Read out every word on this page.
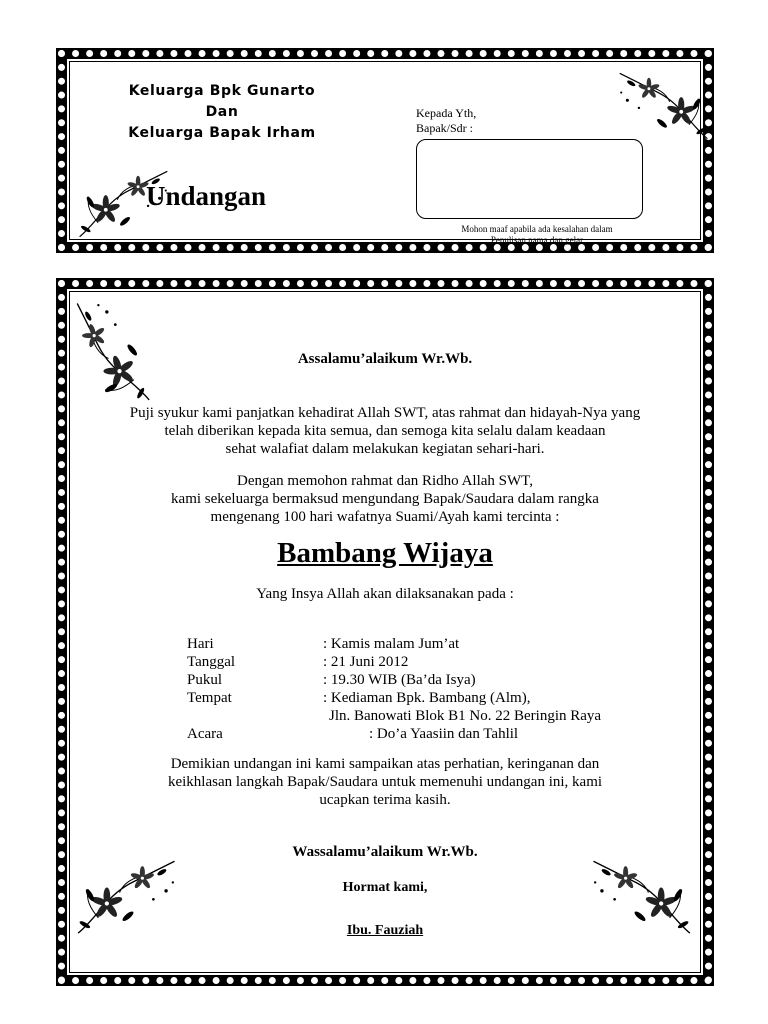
Keluarga Bpk Gunarto
Dan
Keluarga Bapak Irham
Undangan
Kepada Yth,
Bapak/Sdr :
Mohon maaf apabila ada kesalahan dalam
Penulisan nama dan gelar
Assalamu’alaikum Wr.Wb.
Puji syukur kami panjatkan kehadirat Allah SWT, atas rahmat dan hidayah-Nya yang
telah diberikan kepada kita semua, dan semoga kita selalu dalam keadaan
sehat walafiat dalam melakukan kegiatan sehari-hari.
Dengan memohon rahmat dan Ridho Allah SWT,
kami sekeluarga bermaksud mengundang Bapak/Saudara dalam rangka
mengenang 100 hari wafatnya Suami/Ayah kami tercinta :
Bambang Wijaya
Yang Insya Allah akan dilaksanakan pada :
Hari	: Kamis malam Jum’at
Tanggal	: 21 Juni 2012
Pukul	: 19.30 WIB (Ba’da Isya)
Tempat	: Kediaman Bpk. Bambang (Alm),
Jln. Banowati Blok B1 No. 22 Beringin Raya
Acara	: Do’a Yaasiin dan Tahlil
Demikian undangan ini kami sampaikan atas perhatian, keringanan dan
keikhlasan langkah Bapak/Saudara untuk memenuhi undangan ini, kami
ucapkan terima kasih.
Wassalamu’alaikum Wr.Wb.
Hormat kami,
Ibu. Fauziah
